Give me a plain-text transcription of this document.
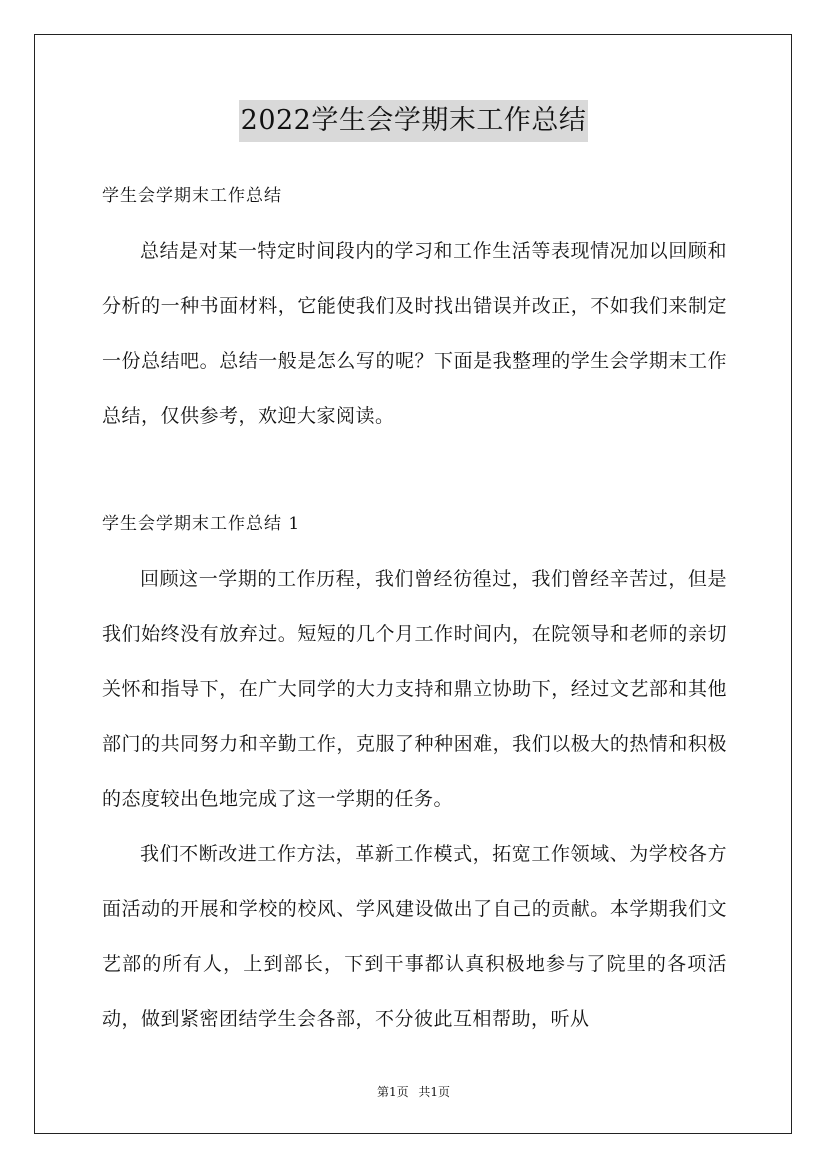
2022学生会学期末工作总结

学生会学期末工作总结

总结是对某一特定时间段内的学习和工作生活等表现情况加以回顾和分析的一种书面材料，它能使我们及时找出错误并改正，不如我们来制定一份总结吧。总结一般是怎么写的呢？下面是我整理的学生会学期末工作总结，仅供参考，欢迎大家阅读。

学生会学期末工作总结 1

回顾这一学期的工作历程，我们曾经彷徨过，我们曾经辛苦过，但是我们始终没有放弃过。短短的几个月工作时间内，在院领导和老师的亲切关怀和指导下，在广大同学的大力支持和鼎立协助下，经过文艺部和其他部门的共同努力和辛勤工作，克服了种种困难，我们以极大的热情和积极的态度较出色地完成了这一学期的任务。

我们不断改进工作方法，革新工作模式，拓宽工作领域、为学校各方面活动的开展和学校的校风、学风建设做出了自己的贡献。本学期我们文艺部的所有人，上到部长，下到干事都认真积极地参与了院里的各项活动，做到紧密团结学生会各部，不分彼此互相帮助，听从

第1页 共1页
